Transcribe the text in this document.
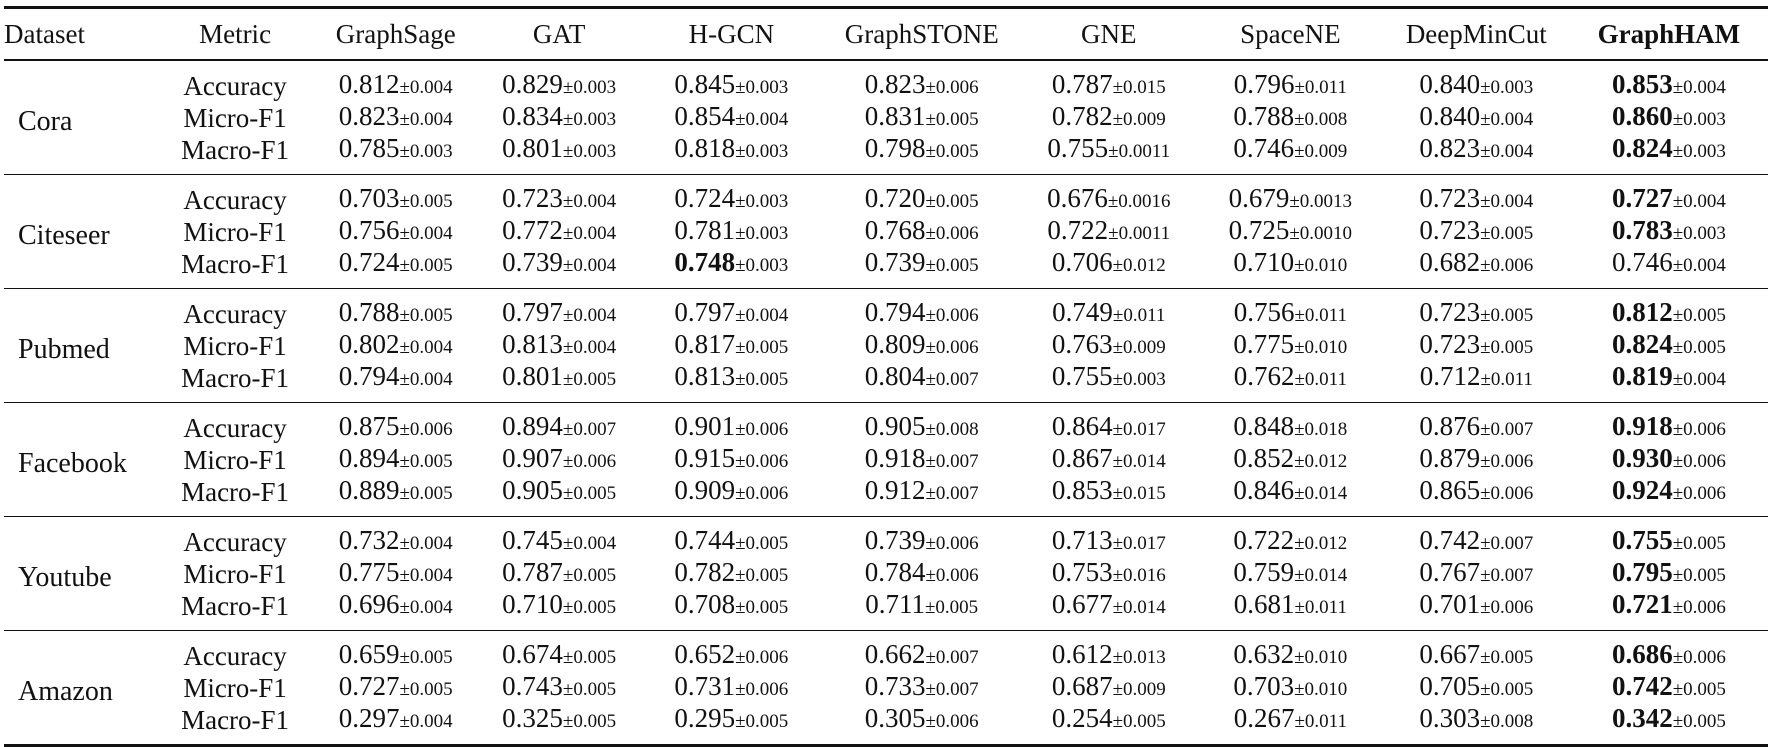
Dataset	Metric	GraphSage	GAT	H-GCN	GraphSTONE	GNE	SpaceNE	DeepMinCut	GraphHAM
Cora	Accuracy	0.812±0.004	0.829±0.003	0.845±0.003	0.823±0.006	0.787±0.015	0.796±0.011	0.840±0.003	0.853±0.004
	Micro-F1	0.823±0.004	0.834±0.003	0.854±0.004	0.831±0.005	0.782±0.009	0.788±0.008	0.840±0.004	0.860±0.003
	Macro-F1	0.785±0.003	0.801±0.003	0.818±0.003	0.798±0.005	0.755±0.0011	0.746±0.009	0.823±0.004	0.824±0.003
Citeseer	Accuracy	0.703±0.005	0.723±0.004	0.724±0.003	0.720±0.005	0.676±0.0016	0.679±0.0013	0.723±0.004	0.727±0.004
	Micro-F1	0.756±0.004	0.772±0.004	0.781±0.003	0.768±0.006	0.722±0.0011	0.725±0.0010	0.723±0.005	0.783±0.003
	Macro-F1	0.724±0.005	0.739±0.004	0.748±0.003	0.739±0.005	0.706±0.012	0.710±0.010	0.682±0.006	0.746±0.004
Pubmed	Accuracy	0.788±0.005	0.797±0.004	0.797±0.004	0.794±0.006	0.749±0.011	0.756±0.011	0.723±0.005	0.812±0.005
	Micro-F1	0.802±0.004	0.813±0.004	0.817±0.005	0.809±0.006	0.763±0.009	0.775±0.010	0.723±0.005	0.824±0.005
	Macro-F1	0.794±0.004	0.801±0.005	0.813±0.005	0.804±0.007	0.755±0.003	0.762±0.011	0.712±0.011	0.819±0.004
Facebook	Accuracy	0.875±0.006	0.894±0.007	0.901±0.006	0.905±0.008	0.864±0.017	0.848±0.018	0.876±0.007	0.918±0.006
	Micro-F1	0.894±0.005	0.907±0.006	0.915±0.006	0.918±0.007	0.867±0.014	0.852±0.012	0.879±0.006	0.930±0.006
	Macro-F1	0.889±0.005	0.905±0.005	0.909±0.006	0.912±0.007	0.853±0.015	0.846±0.014	0.865±0.006	0.924±0.006
Youtube	Accuracy	0.732±0.004	0.745±0.004	0.744±0.005	0.739±0.006	0.713±0.017	0.722±0.012	0.742±0.007	0.755±0.005
	Micro-F1	0.775±0.004	0.787±0.005	0.782±0.005	0.784±0.006	0.753±0.016	0.759±0.014	0.767±0.007	0.795±0.005
	Macro-F1	0.696±0.004	0.710±0.005	0.708±0.005	0.711±0.005	0.677±0.014	0.681±0.011	0.701±0.006	0.721±0.006
Amazon	Accuracy	0.659±0.005	0.674±0.005	0.652±0.006	0.662±0.007	0.612±0.013	0.632±0.010	0.667±0.005	0.686±0.006
	Micro-F1	0.727±0.005	0.743±0.005	0.731±0.006	0.733±0.007	0.687±0.009	0.703±0.010	0.705±0.005	0.742±0.005
	Macro-F1	0.297±0.004	0.325±0.005	0.295±0.005	0.305±0.006	0.254±0.005	0.267±0.011	0.303±0.008	0.342±0.005
